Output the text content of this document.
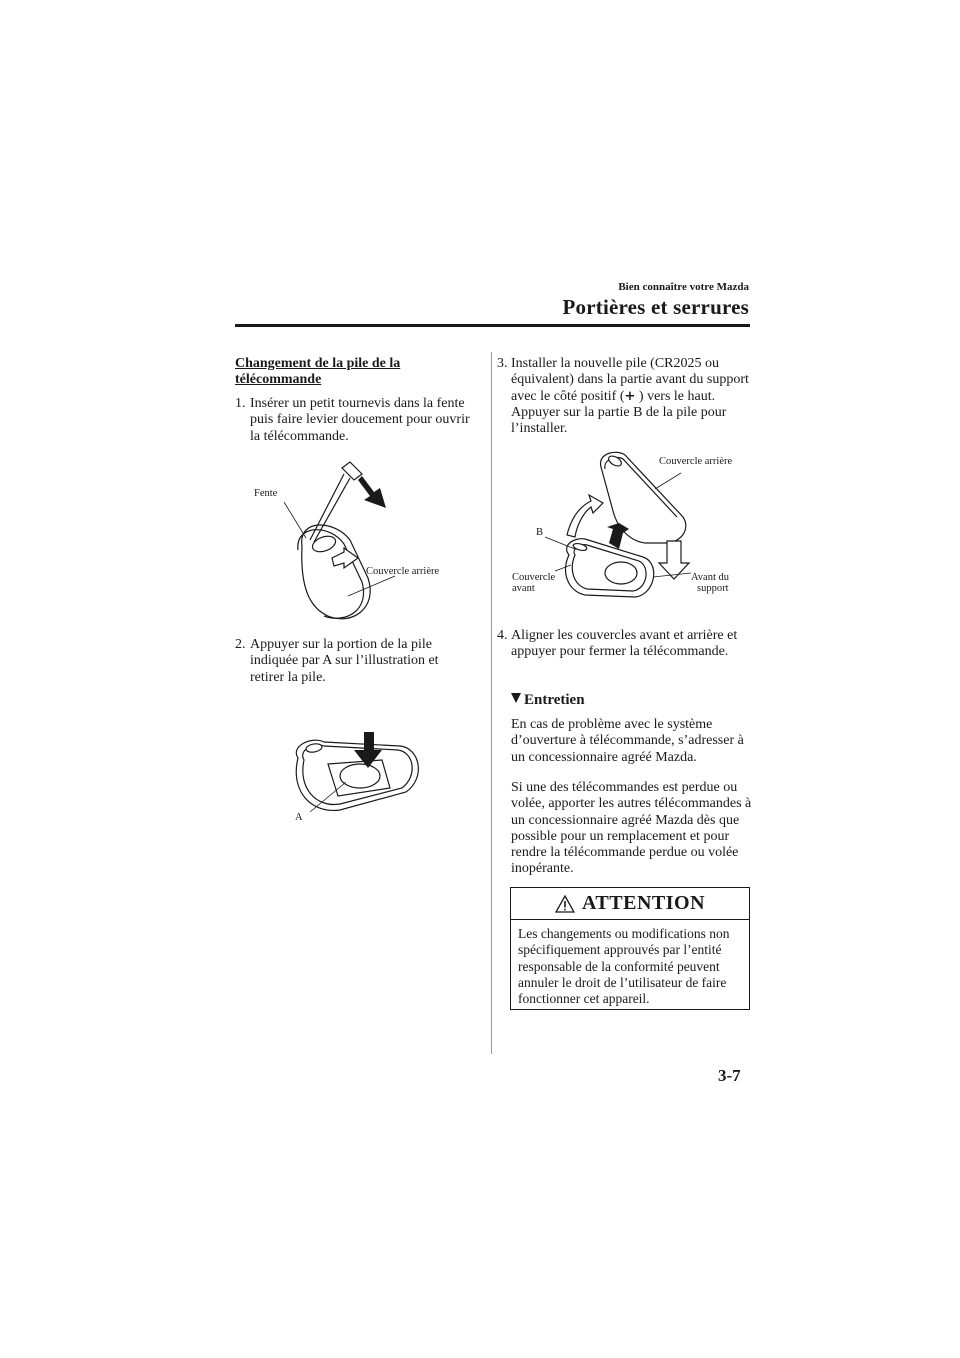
Bien connaître votre Mazda
Portières et serrures
Changement de la pile de la télécommande
1. Insérer un petit tournevis dans la fente puis faire levier doucement pour ouvrir la télécommande.
Fente
Couvercle arrière
2. Appuyer sur la portion de la pile indiquée par A sur l’illustration et retirer la pile.
A
3. Installer la nouvelle pile (CR2025 ou équivalent) dans la partie avant du support avec le côté positif (+ ) vers le haut. Appuyer sur la partie B de la pile pour l’installer.
Couvercle arrière
B
Couvercle
avant
Avant du
support
4. Aligner les couvercles avant et arrière et appuyer pour fermer la télécommande.
Entretien
En cas de problème avec le système d’ouverture à télécommande, s’adresser à un concessionnaire agréé Mazda.
Si une des télécommandes est perdue ou volée, apporter les autres télécommandes à un concessionnaire agréé Mazda dès que possible pour un remplacement et pour rendre la télécommande perdue ou volée inopérante.
ATTENTION
Les changements ou modifications non spécifiquement approuvés par l’entité responsable de la conformité peuvent annuler le droit de l’utilisateur de faire fonctionner cet appareil.
3-7
